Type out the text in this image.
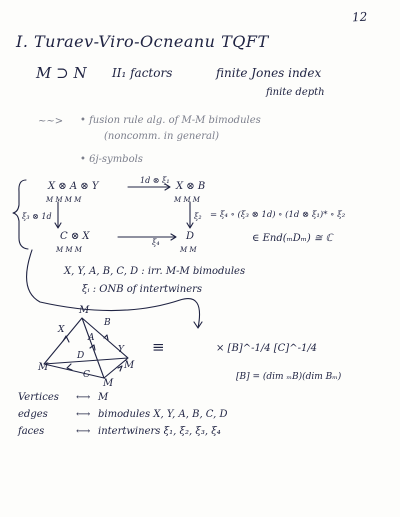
12
I. Turaev-Viro-Ocneanu TQFT
M ⊃ N II₁ factors	finite Jones index
finite depth
~~> • fusion rule alg. of M-M bimodules
(noncomm. in general)
• 6j-symbols
X ⊗ A ⊗ Y
M M M M
1d ⊗ ξ₁
X ⊗ B
M M M
ξ₃ ⊗ 1d	ξ₂ = ξ₄ ∘ (ξ₃ ⊗ 1d) ∘ (1d ⊗ ξ₁)* ∘ ξ₂
C ⊗ X
M M M
ξ₄
D
M M
∈ End(ₘDₘ) ≅ ℂ
X, Y, A, B, C, D : irr. M-M bimodules
ξᵢ : ONB of intertwiners
M
M	M
M
X
B
A
D
Y
C
≡	× [B]^-1/4 [C]^-1/4
[B] = (dim ₘB)(dim Bₘ)
Vertices ⟷ M
edges	⟷ bimodules X, Y, A, B, C, D
faces	⟷ intertwiners ξ₁, ξ₂, ξ₃, ξ₄
